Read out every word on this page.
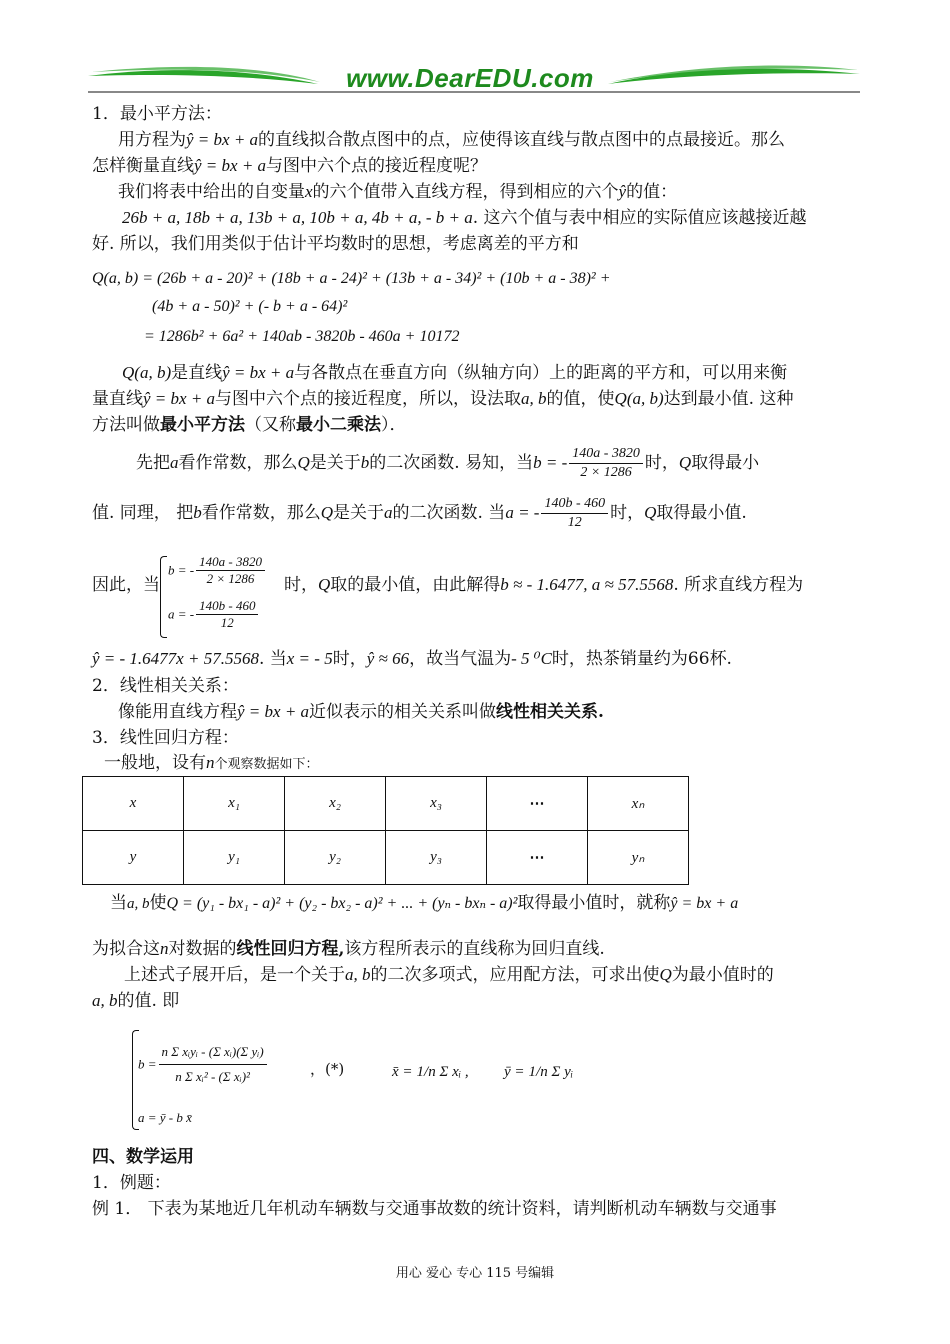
www.DearEDU.com
1．最小平方法：
用方程为ŷ = bx + a的直线拟合散点图中的点，应使得该直线与散点图中的点最接近。那么
怎样衡量直线ŷ = bx + a与图中六个点的接近程度呢？
我们将表中给出的自变量x的六个值带入直线方程，得到相应的六个ŷ的值：
26b + a, 18b + a, 13b + a, 10b + a, 4b + a, - b + a. 这六个值与表中相应的实际值应该越接近越
好. 所以，我们用类似于估计平均数时的思想，考虑离差的平方和
Q(a, b) = (26b + a - 20)² + (18b + a - 24)² + (13b + a - 34)² + (10b + a - 38)² +
(4b + a - 50)² + (- b + a - 64)²
= 1286b² + 6a² + 140ab - 3820b - 460a + 10172
Q(a, b)是直线ŷ = bx + a与各散点在垂直方向（纵轴方向）上的距离的平方和，可以用来衡
量直线ŷ = bx + a与图中六个点的接近程度，所以，设法取a, b的值，使Q(a, b)达到最小值. 这种
方法叫做最小平方法（又称最小二乘法）．
先把a看作常数，那么Q是关于b的二次函数. 易知，当b = - $\frac{140a - 3820}{2 \times 1286}$ 时，Q取得最小
值. 同理， 把b看作常数，那么Q是关于a的二次函数. 当a = - $\frac{140b - 460}{12}$ 时，Q取得最小值.
因此，当
b = - $\frac{140a - 3820}{2 \times 1286}$
a = - $\frac{140b - 460}{12}$
时，Q取的最小值，由此解得b ≈ - 1.6477, a ≈ 57.5568. 所求直线方程为
ŷ = - 1.6477x + 57.5568. 当x = - 5时，ŷ ≈ 66，故当气温为- 5 ⁰C时，热茶销量约为66杯.
2．线性相关关系：
像能用直线方程ŷ = bx + a近似表示的相关关系叫做线性相关关系.
3．线性回归方程：
一般地，设有n个观察数据如下：
x	x₁	x₂	x₃	⋯	xₙ
y	y₁	y₂	y₃	⋯	yₙ
当a, b使Q = (y₁ - bx₁ - a)² + (y₂ - bx₂ - a)² + ... + (yₙ - bxₙ - a)²取得最小值时，就称ŷ = bx + a
为拟合这n对数据的线性回归方程,该方程所表示的直线称为回归直线.
上述式子展开后，是一个关于a, b的二次多项式，应用配方法，可求出使Q为最小值时的
a, b的值. 即
$b = \frac{\text{n Σ xᵢyᵢ - (Σ xᵢ)(Σ yᵢ)}}{\text{n Σ xᵢ² - (Σ xᵢ)²}}$	，(*)
a = ȳ - b x̄
x̄ = 1/n Σ xᵢ , ȳ = 1/n Σ yᵢ
四、数学运用
1．例题：
例 1． 下表为某地近几年机动车辆数与交通事故数的统计资料，请判断机动车辆数与交通事
用心 爱心 专心 115 号编辑
